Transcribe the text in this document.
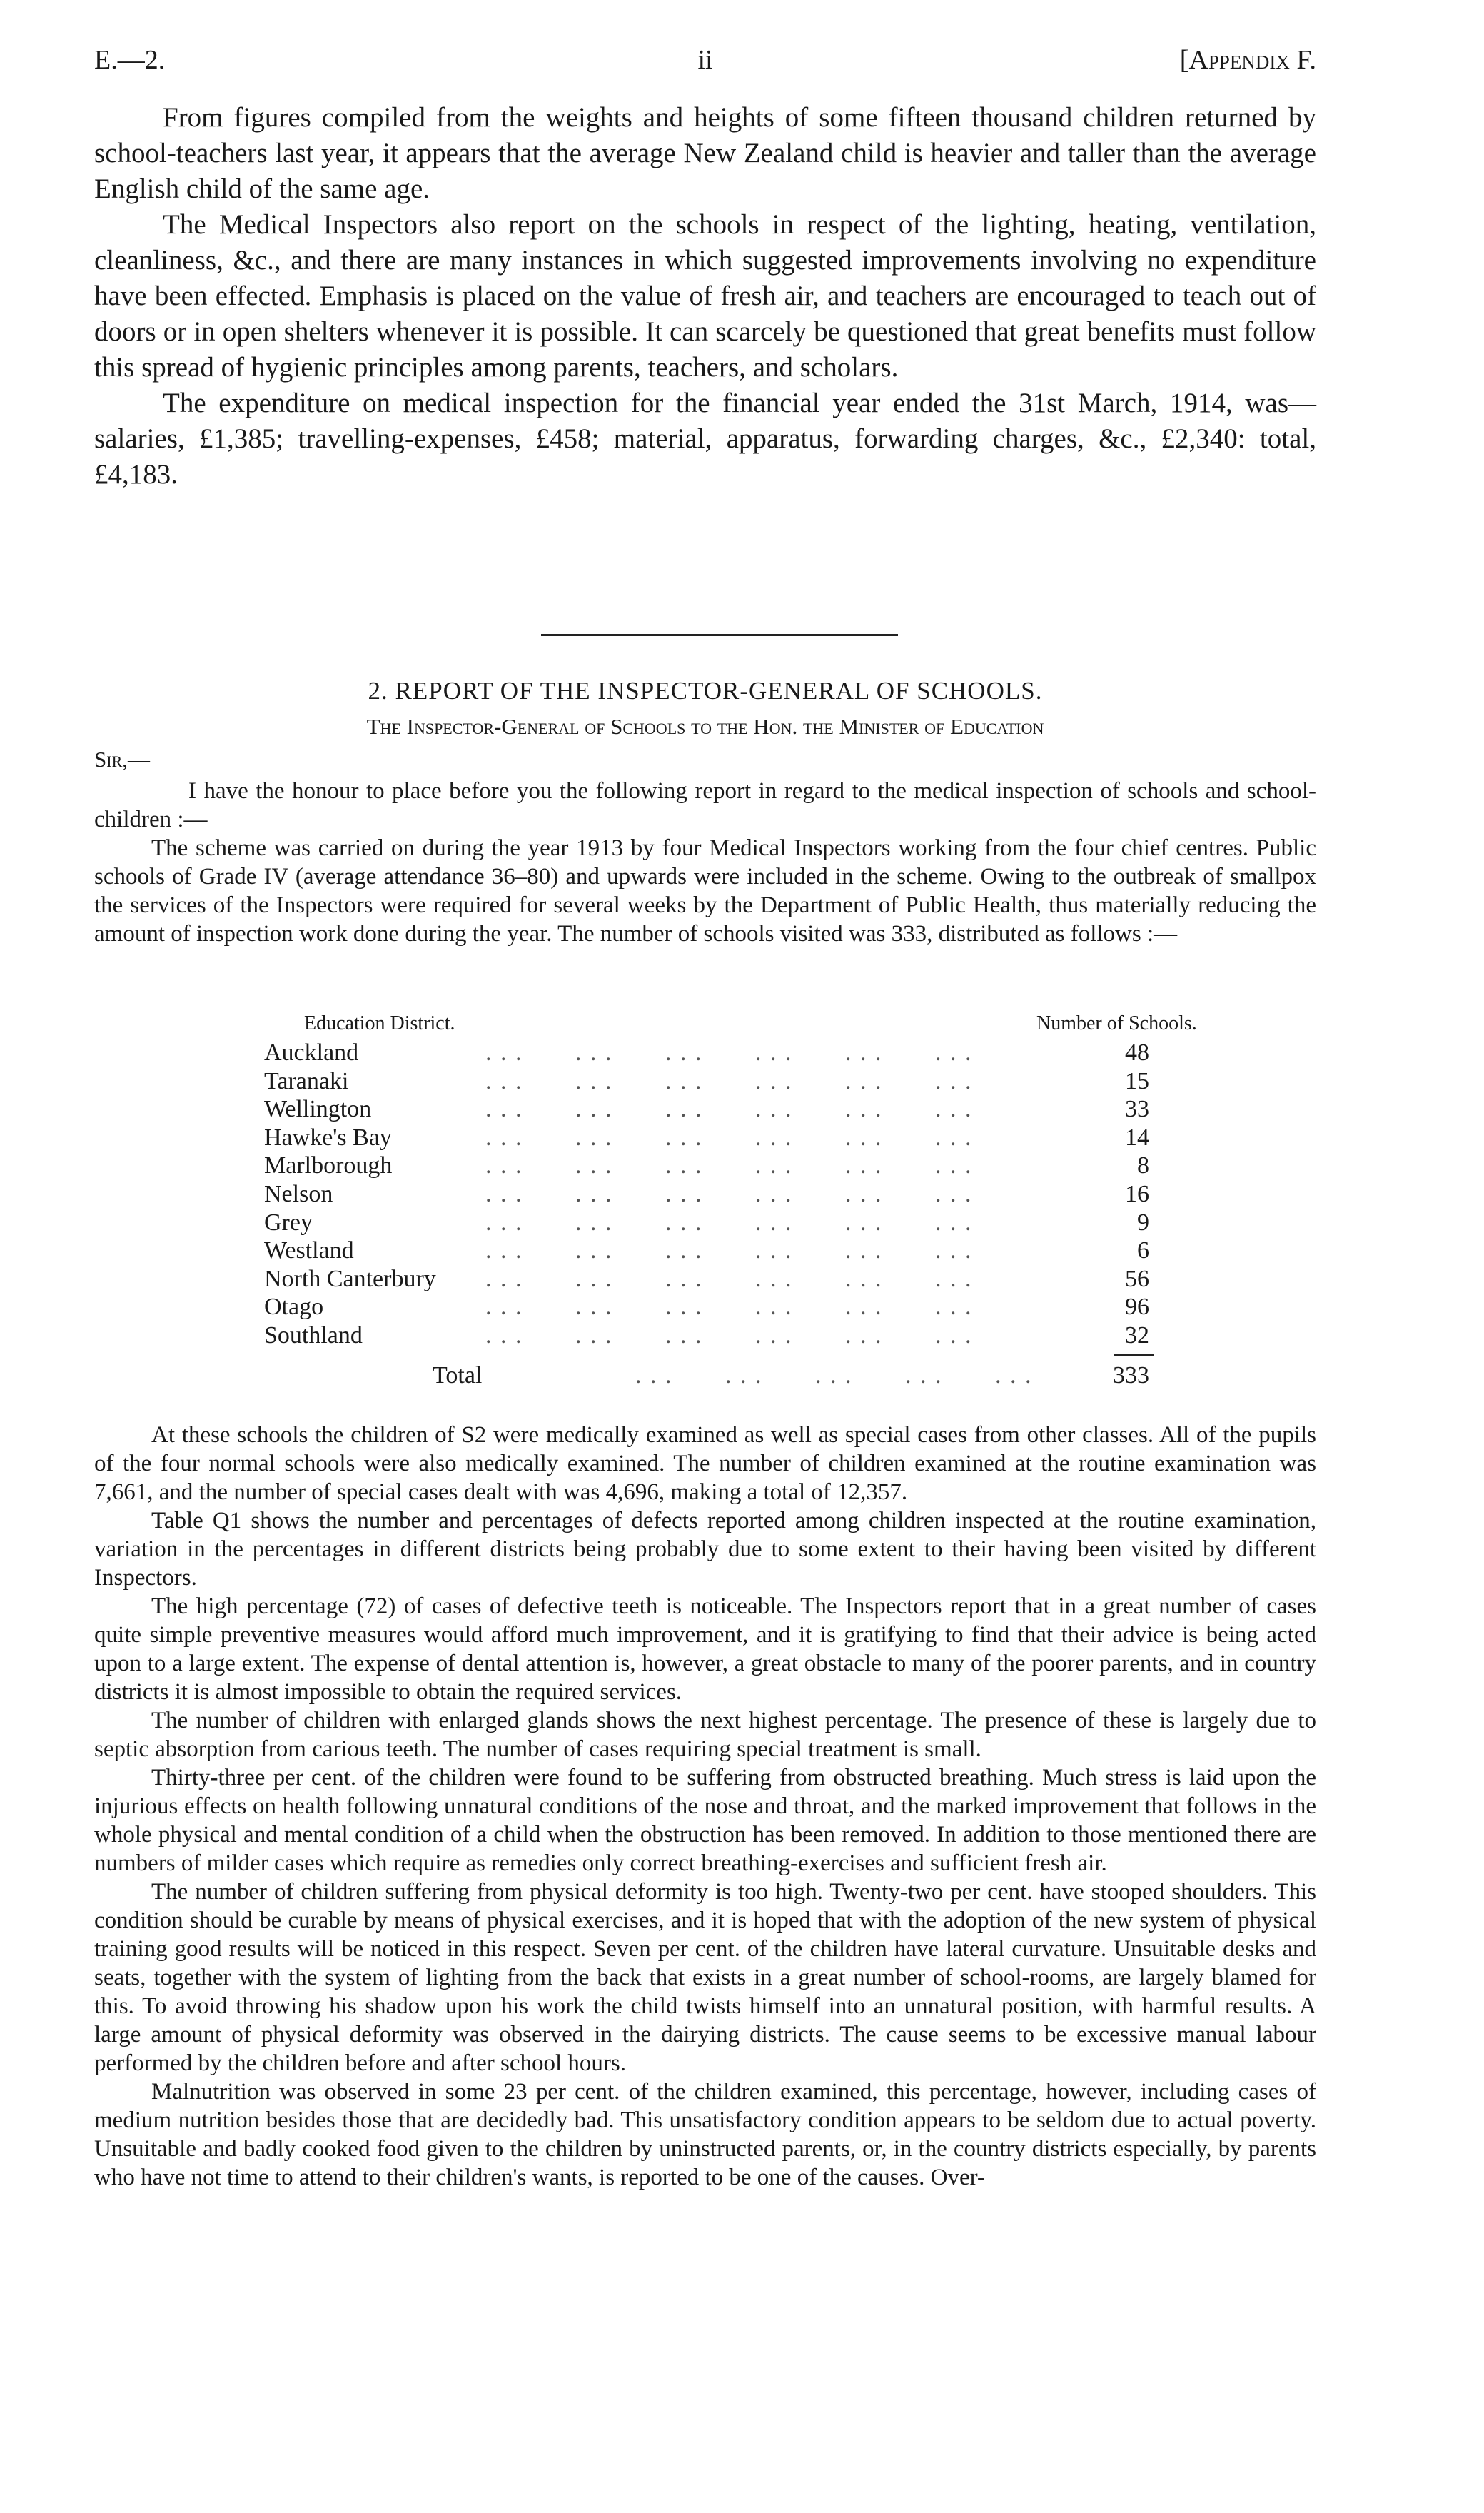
E.—2.	ii	[Appendix F.

From figures compiled from the weights and heights of some fifteen thousand children returned by school-teachers last year, it appears that the average New Zealand child is heavier and taller than the average English child of the same age.

The Medical Inspectors also report on the schools in respect of the lighting, heating, ventilation, cleanliness, &c., and there are many instances in which suggested improvements involving no expenditure have been effected. Emphasis is placed on the value of fresh air, and teachers are encouraged to teach out of doors or in open shelters whenever it is possible. It can scarcely be questioned that great benefits must follow this spread of hygienic principles among parents, teachers, and scholars.

The expenditure on medical inspection for the financial year ended the 31st March, 1914, was—salaries, £1,385; travelling-expenses, £458; material, apparatus, forwarding charges, &c., £2,340: total, £4,183.

2. REPORT OF THE INSPECTOR-GENERAL OF SCHOOLS.
The Inspector-General of Schools to the Hon. the Minister of Education
Sir,—

I have the honour to place before you the following report in regard to the medical inspection of schools and school-children :—

The scheme was carried on during the year 1913 by four Medical Inspectors working from the four chief centres. Public schools of Grade IV (average attendance 36–80) and upwards were included in the scheme. Owing to the outbreak of smallpox the services of the Inspectors were required for several weeks by the Department of Public Health, thus materially reducing the amount of inspection work done during the year. The number of schools visited was 333, distributed as follows :—

Education District.	Number of Schools.
Auckland	. . .       . . .       . . .       . . .       . . .       . . .	48
Taranaki	. . .       . . .       . . .       . . .       . . .       . . .	15
Wellington	. . .       . . .       . . .       . . .       . . .       . . .	33
Hawke's Bay	. . .       . . .       . . .       . . .       . . .       . . .	14
Marlborough	. . .       . . .       . . .       . . .       . . .       . . .	8
Nelson	. . .       . . .       . . .       . . .       . . .       . . .	16
Grey	. . .       . . .       . . .       . . .       . . .       . . .	9
Westland	. . .       . . .       . . .       . . .       . . .       . . .	6
North Canterbury . . .       . . .       . . .       . . .       . . .       . . .	56
Otago	. . .       . . .       . . .       . . .       . . .       . . .	96
Southland	. . .       . . .       . . .       . . .       . . .       . . .	32
Total	. . .       . . .       . . .       . . .       . . .	333

At these schools the children of S2 were medically examined as well as special cases from other classes. All of the pupils of the four normal schools were also medically examined. The number of children examined at the routine examination was 7,661, and the number of special cases dealt with was 4,696, making a total of 12,357.

Table Q1 shows the number and percentages of defects reported among children inspected at the routine examination, variation in the percentages in different districts being probably due to some extent to their having been visited by different Inspectors.

The high percentage (72) of cases of defective teeth is noticeable. The Inspectors report that in a great number of cases quite simple preventive measures would afford much improvement, and it is gratifying to find that their advice is being acted upon to a large extent. The expense of dental attention is, however, a great obstacle to many of the poorer parents, and in country districts it is almost impossible to obtain the required services.

The number of children with enlarged glands shows the next highest percentage. The presence of these is largely due to septic absorption from carious teeth. The number of cases requiring special treatment is small.

Thirty-three per cent. of the children were found to be suffering from obstructed breathing. Much stress is laid upon the injurious effects on health following unnatural conditions of the nose and throat, and the marked improvement that follows in the whole physical and mental condition of a child when the obstruction has been removed. In addition to those mentioned there are numbers of milder cases which require as remedies only correct breathing-exercises and sufficient fresh air.

The number of children suffering from physical deformity is too high. Twenty-two per cent. have stooped shoulders. This condition should be curable by means of physical exercises, and it is hoped that with the adoption of the new system of physical training good results will be noticed in this respect. Seven per cent. of the children have lateral curvature. Unsuitable desks and seats, together with the system of lighting from the back that exists in a great number of school-rooms, are largely blamed for this. To avoid throwing his shadow upon his work the child twists himself into an unnatural position, with harmful results. A large amount of physical deformity was observed in the dairying districts. The cause seems to be excessive manual labour performed by the children before and after school hours.

Malnutrition was observed in some 23 per cent. of the children examined, this percentage, however, including cases of medium nutrition besides those that are decidedly bad. This unsatisfactory condition appears to be seldom due to actual poverty. Unsuitable and badly cooked food given to the children by uninstructed parents, or, in the country districts especially, by parents who have not time to attend to their children's wants, is reported to be one of the causes. Over-
